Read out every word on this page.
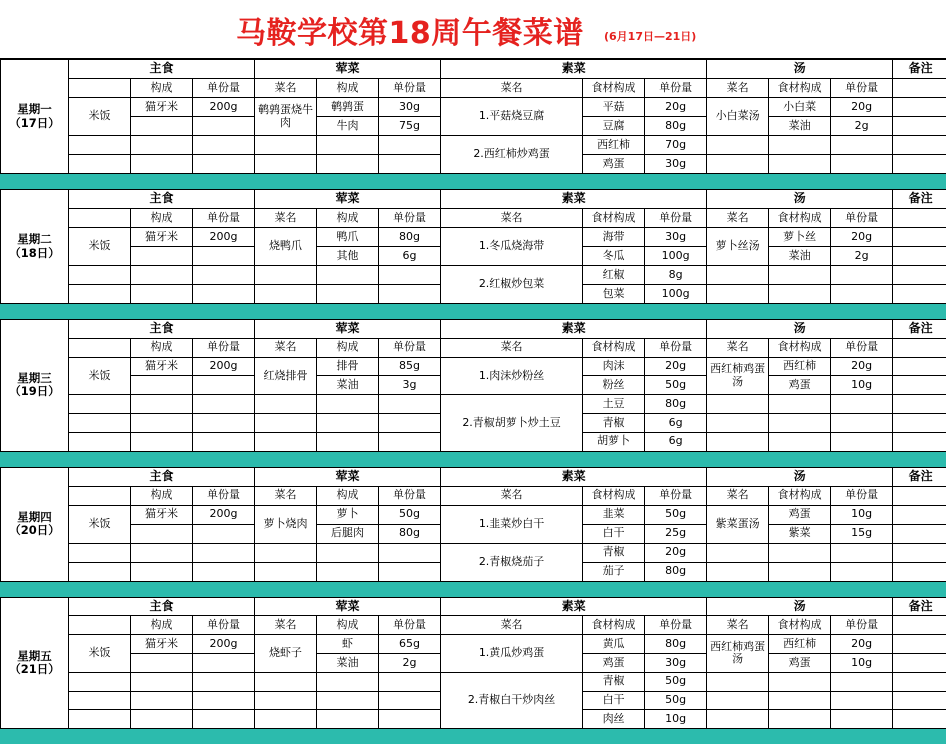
马鞍学校第18周午餐菜谱 (6月17日—21日)
星期一
（17日）	主食			荤菜			素菜			汤			备注
		构成	单份量	菜名	构成	单份量	菜名	食材构成	单份量	菜名	食材构成	单份量	
	米饭	猫牙米	200g	鹌鹑蛋烧牛肉	鹌鹑蛋	30g	1.平菇烧豆腐	平菇	20g	小白菜汤	小白菜	20g	
					牛肉	75g		豆腐	80g		菜油	2g	
							2.西红柿炒鸡蛋	西红柿	70g				
								鸡蛋	30g				
星期二
（18日）	主食			荤菜			素菜			汤			备注
		构成	单份量	菜名	构成	单份量	菜名	食材构成	单份量	菜名	食材构成	单份量	
	米饭	猫牙米	200g	烧鸭爪	鸭爪	80g	1.冬瓜烧海带	海带	30g	萝卜丝汤	萝卜丝	20g	
					其他	6g		冬瓜	100g		菜油	2g	
							2.红椒炒包菜	红椒	8g				
								包菜	100g				
星期三
（19日）	主食			荤菜			素菜			汤			备注
		构成	单份量	菜名	构成	单份量	菜名	食材构成	单份量	菜名	食材构成	单份量	
	米饭	猫牙米	200g	红烧排骨	排骨	85g	1.肉沫炒粉丝	肉沫	20g	西红柿鸡蛋汤	西红柿	20g	
					菜油	3g		粉丝	50g		鸡蛋	10g	
							2.青椒胡萝卜炒土豆	土豆	80g				
								青椒	6g				
								胡萝卜	6g				
星期四
（20日）	主食			荤菜			素菜			汤			备注
		构成	单份量	菜名	构成	单份量	菜名	食材构成	单份量	菜名	食材构成	单份量	
	米饭	猫牙米	200g	萝卜烧肉	萝卜	50g	1.韭菜炒白干	韭菜	50g	紫菜蛋汤	鸡蛋	10g	
					后腿肉	80g		白干	25g		紫菜	15g	
							2.青椒烧茄子	青椒	20g				
								茄子	80g				
星期五
（21日）	主食			荤菜			素菜			汤			备注
		构成	单份量	菜名	构成	单份量	菜名	食材构成	单份量	菜名	食材构成	单份量	
	米饭	猫牙米	200g	烧虾子	虾	65g	1.黄瓜炒鸡蛋	黄瓜	80g	西红柿鸡蛋汤	西红柿	20g	
					菜油	2g		鸡蛋	30g		鸡蛋	10g	
							2.青椒白干炒肉丝	青椒	50g				
								白干	50g				
								肉丝	10g				
